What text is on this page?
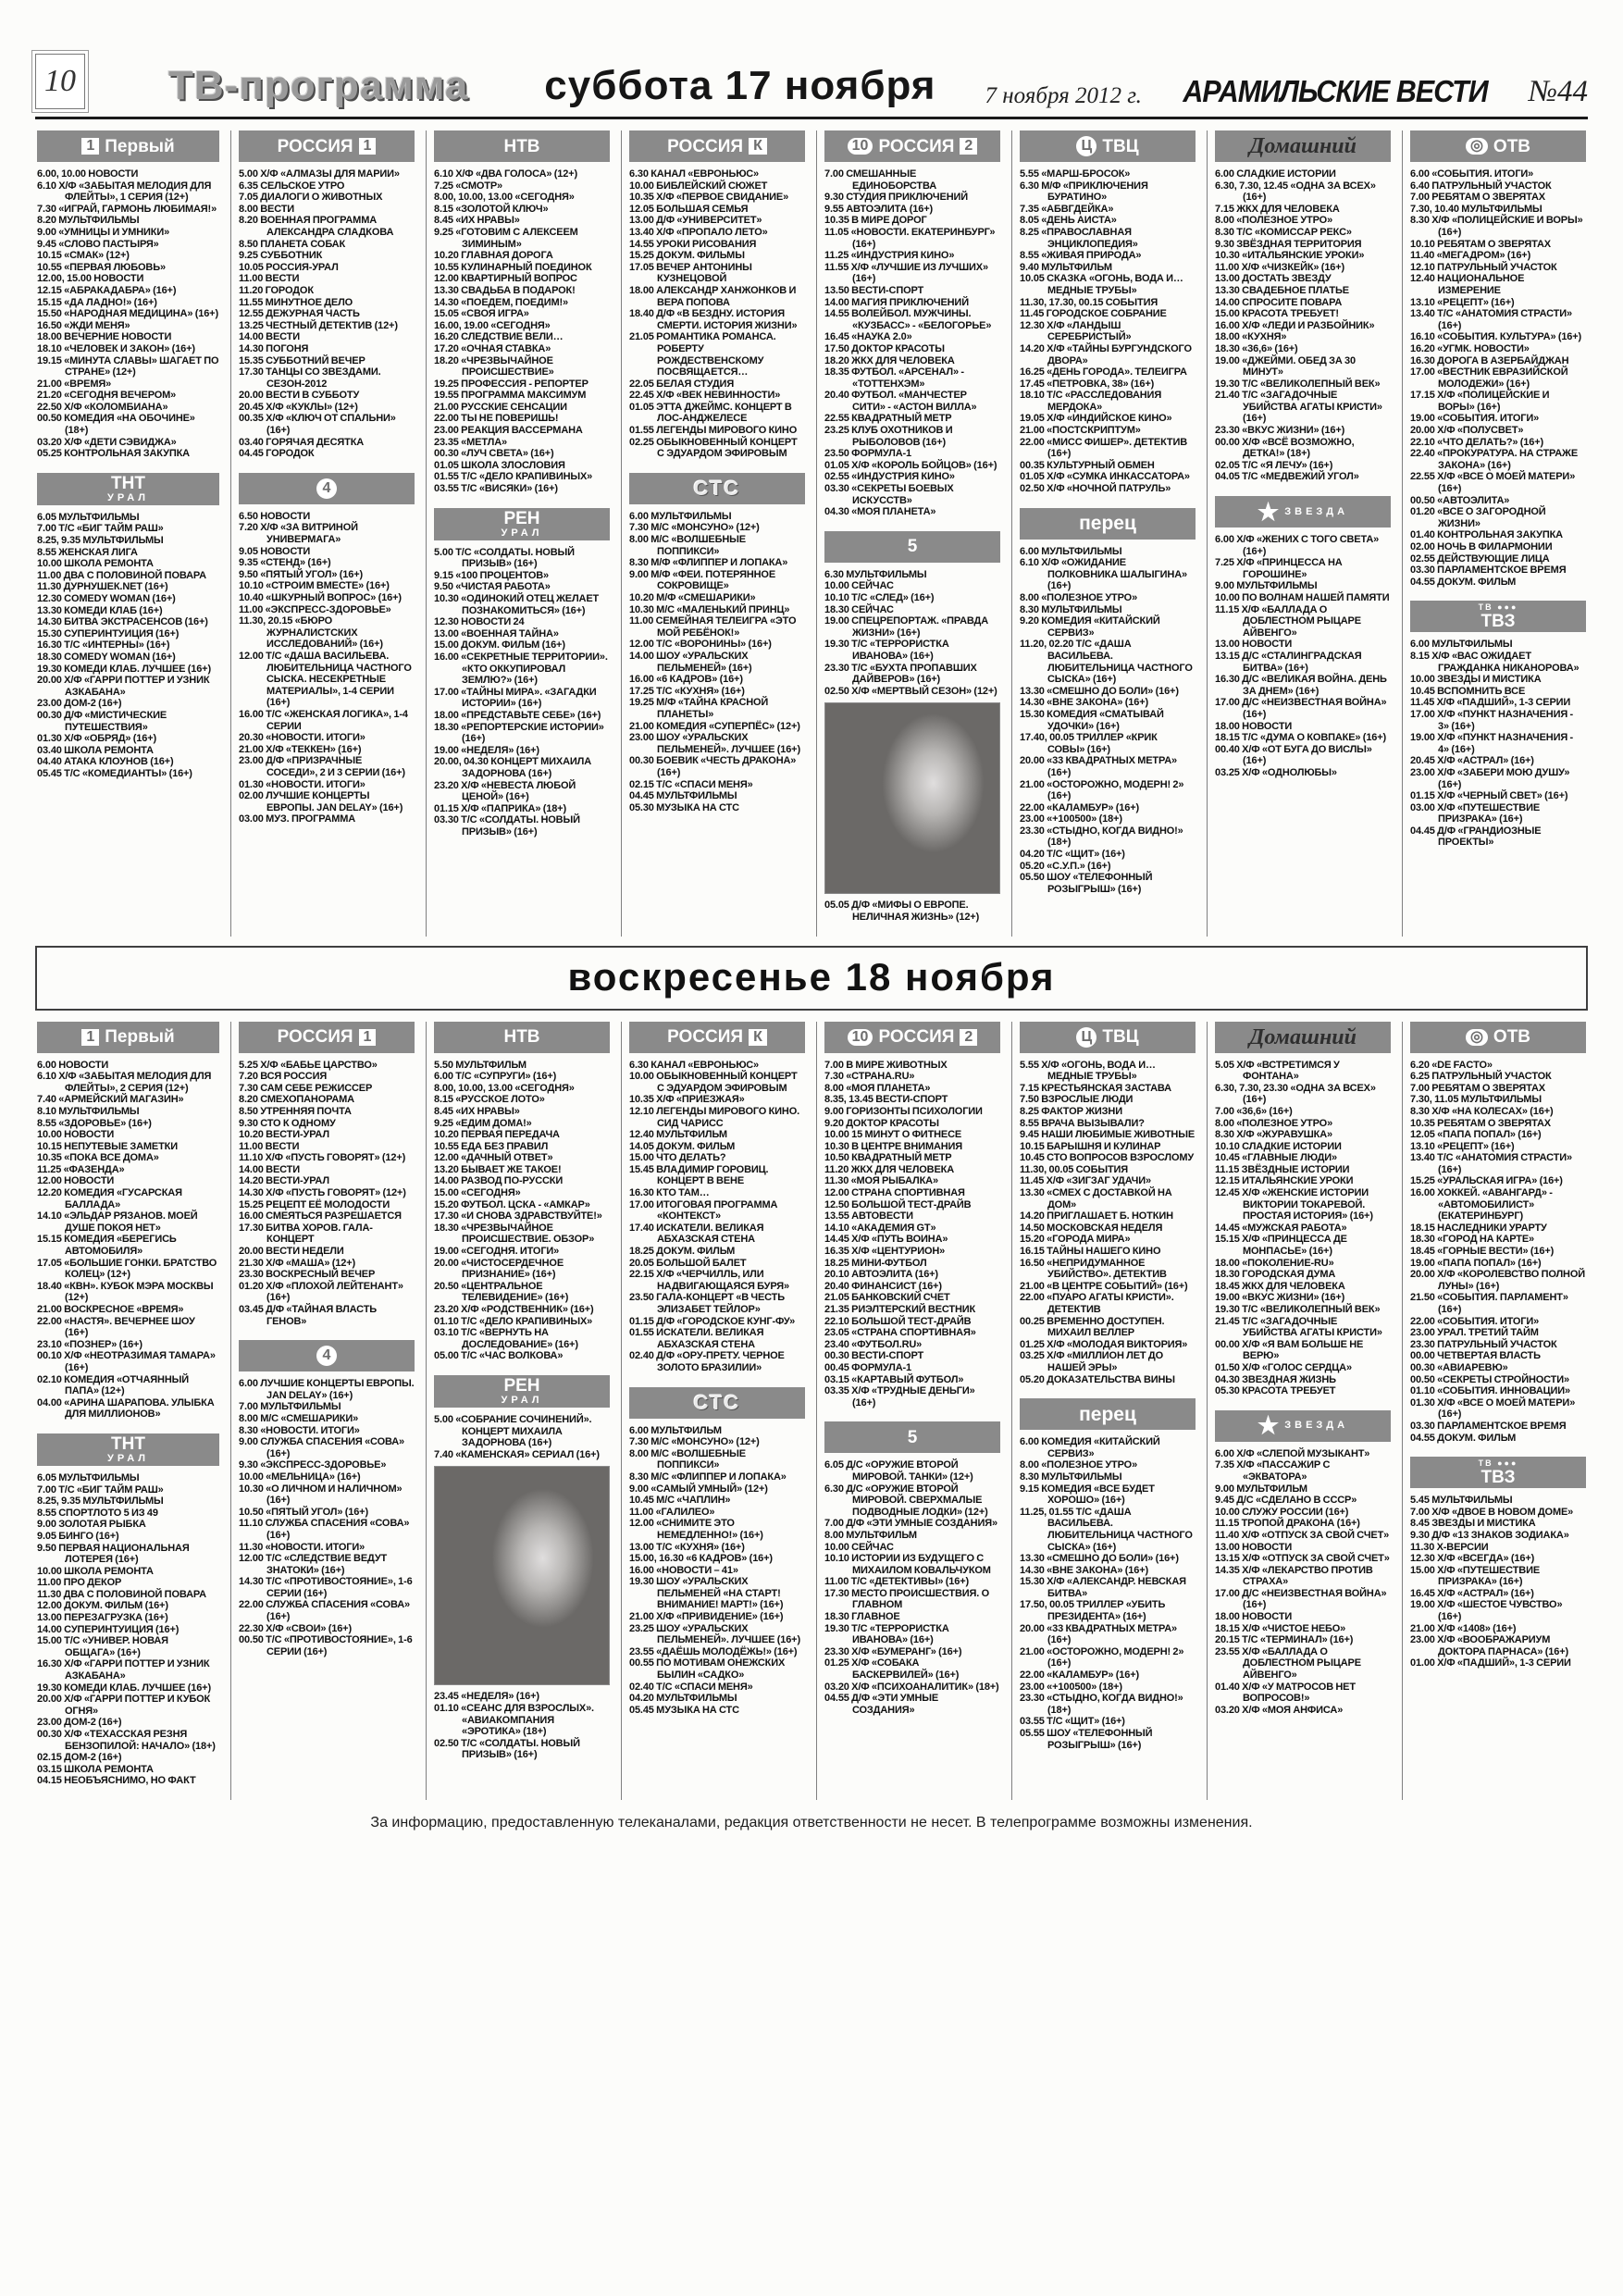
10 ТВ-программа суббота 17 ноября 7 ноября 2012 г. АРАМИЛЬСКИЕ ВЕСТИ №44
1 Первый
6.00, 10.00 НОВОСТИ
6.10 Х/Ф «ЗАБЫТАЯ МЕЛОДИЯ ДЛЯ ФЛЕЙТЫ», 1 СЕРИЯ (12+)
7.30 «ИГРАЙ, ГАРМОНЬ ЛЮБИМАЯ!»
8.20 МУЛЬТФИЛЬМЫ
9.00 «УМНИЦЫ И УМНИКИ»
9.45 «СЛОВО ПАСТЫРЯ»
10.15 «СМАК» (12+)
10.55 «ПЕРВАЯ ЛЮБОВЬ»
12.00, 15.00 НОВОСТИ
12.15 «АБРАКАДАБРА» (16+)
15.15 «ДА ЛАДНО!» (16+)
15.50 «НАРОДНАЯ МЕДИЦИНА» (16+)
16.50 «ЖДИ МЕНЯ»
18.00 ВЕЧЕРНИЕ НОВОСТИ
18.10 «ЧЕЛОВЕК И ЗАКОН» (16+)
19.15 «МИНУТА СЛАВЫ» ШАГАЕТ ПО СТРАНЕ» (12+)
21.00 «ВРЕМЯ»
21.20 «СЕГОДНЯ ВЕЧЕРОМ»
22.50 Х/Ф «КОЛОМБИАНА»
00.50 КОМЕДИЯ «НА ОБОЧИНЕ» (18+)
03.20 Х/Ф «ДЕТИ СЭВИДЖА»
05.25 КОНТРОЛЬНАЯ ЗАКУПКА
ТНТ
УРАЛ
6.05 МУЛЬТФИЛЬМЫ
7.00 Т/С «БИГ ТАЙМ РАШ»
8.25, 9.35 МУЛЬТФИЛЬМЫ
8.55 ЖЕНСКАЯ ЛИГА
10.00 ШКОЛА РЕМОНТА
11.00 ДВА С ПОЛОВИНОЙ ПОВАРА
11.30 ДУРНУШЕК.NET (16+)
12.30 COMEDY WOMAN (16+)
13.30 КОМЕДИ КЛАБ (16+)
14.30 БИТВА ЭКСТРАСЕНСОВ (16+)
15.30 СУПЕРИНТУИЦИЯ (16+)
16.30 Т/С «ИНТЕРНЫ» (16+)
18.30 COMEDY WOMAN (16+)
19.30 КОМЕДИ КЛАБ. ЛУЧШЕЕ (16+)
20.00 Х/Ф «ГАРРИ ПОТТЕР И УЗНИК АЗКАБАНА»
23.00 ДОМ-2 (16+)
00.30 Д/Ф «МИСТИЧЕСКИЕ ПУТЕШЕСТВИЯ»
01.30 Х/Ф «ОБРЯД» (16+)
03.40 ШКОЛА РЕМОНТА
04.40 АТАКА КЛОУНОВ (16+)
05.45 Т/С «КОМЕДИАНТЫ» (16+)
РОССИЯ 1
5.00 Х/Ф «АЛМАЗЫ ДЛЯ МАРИИ»
6.35 СЕЛЬСКОЕ УТРО
7.05 ДИАЛОГИ О ЖИВОТНЫХ
8.00 ВЕСТИ
8.20 ВОЕННАЯ ПРОГРАММА АЛЕКСАНДРА СЛАДКОВА
8.50 ПЛАНЕТА СОБАК
9.25 СУББОТНИК
10.05 РОССИЯ-УРАЛ
11.00 ВЕСТИ
11.20 ГОРОДОК
11.55 МИНУТНОЕ ДЕЛО
12.55 ДЕЖУРНАЯ ЧАСТЬ
13.25 ЧЕСТНЫЙ ДЕТЕКТИВ (12+)
14.00 ВЕСТИ
14.30 ПОГОНЯ
15.35 СУББОТНИЙ ВЕЧЕР
17.30 ТАНЦЫ СО ЗВЕЗДАМИ. СЕЗОН-2012
20.00 ВЕСТИ В СУББОТУ
20.45 Х/Ф «КУКЛЫ» (12+)
00.35 Х/Ф «КЛЮЧ ОТ СПАЛЬНИ» (16+)
03.40 ГОРЯЧАЯ ДЕСЯТКА
04.45 ГОРОДОК
4
6.50 НОВОСТИ
7.20 Х/Ф «ЗА ВИТРИНОЙ УНИВЕРМАГА»
9.05 НОВОСТИ
9.35 «СТЕНД» (16+)
9.50 «ПЯТЫЙ УГОЛ» (16+)
10.10 «СТРОИМ ВМЕСТЕ» (16+)
10.40 «ШКУРНЫЙ ВОПРОС» (16+)
11.00 «ЭКСПРЕСС-ЗДОРОВЬЕ»
11.30, 20.15 «БЮРО ЖУРНАЛИСТСКИХ ИССЛЕДОВАНИЙ» (16+)
12.00 Т/С «ДАША ВАСИЛЬЕВА. ЛЮБИТЕЛЬНИЦА ЧАСТНОГО СЫСКА. НЕСЕКРЕТНЫЕ МАТЕРИАЛЫ», 1-4 СЕРИИ (16+)
16.00 Т/С «ЖЕНСКАЯ ЛОГИКА», 1-4 СЕРИИ
20.30 «НОВОСТИ. ИТОГИ»
21.00 Х/Ф «ТЕККЕН» (16+)
23.00 Д/Ф «ПРИЗРАЧНЫЕ СОСЕДИ», 2 И 3 СЕРИИ (16+)
01.30 «НОВОСТИ. ИТОГИ»
02.00 ЛУЧШИЕ КОНЦЕРТЫ ЕВРОПЫ. JAN DELAY» (16+)
03.00 МУЗ. ПРОГРАММА
НТВ
6.10 Х/Ф «ДВА ГОЛОСА» (12+)
7.25 «СМОТР»
8.00, 10.00, 13.00 «СЕГОДНЯ»
8.15 «ЗОЛОТОЙ КЛЮЧ»
8.45 «ИХ НРАВЫ»
9.25 «ГОТОВИМ С АЛЕКСЕЕМ ЗИМИНЫМ»
10.20 ГЛАВНАЯ ДОРОГА
10.55 КУЛИНАРНЫЙ ПОЕДИНОК
12.00 КВАРТИРНЫЙ ВОПРОС
13.30 СВАДЬБА В ПОДАРОК!
14.30 «ПОЕДЕМ, ПОЕДИМ!»
15.05 «СВОЯ ИГРА»
16.00, 19.00 «СЕГОДНЯ»
16.20 СЛЕДСТВИЕ ВЕЛИ…
17.20 «ОЧНАЯ СТАВКА»
18.20 «ЧРЕЗВЫЧАЙНОЕ ПРОИСШЕСТВИЕ»
19.25 ПРОФЕССИЯ - РЕПОРТЕР
19.55 ПРОГРАММА МАКСИМУМ
21.00 РУССКИЕ СЕНСАЦИИ
22.00 ТЫ НЕ ПОВЕРИШЬ!
23.00 РЕАКЦИЯ ВАССЕРМАНА
23.35 «МЕТЛА»
00.30 «ЛУЧ СВЕТА» (16+)
01.05 ШКОЛА ЗЛОСЛОВИЯ
01.55 Т/С «ДЕЛО КРАПИВИНЫХ»
03.55 Т/С «ВИСЯКИ» (16+)
РЕН
УРАЛ
5.00 Т/С «СОЛДАТЫ. НОВЫЙ ПРИЗЫВ» (16+)
9.15 «100 ПРОЦЕНТОВ»
9.50 «ЧИСТАЯ РАБОТА»
10.30 «ОДИНОКИЙ ОТЕЦ ЖЕЛАЕТ ПОЗНАКОМИТЬСЯ» (16+)
12.30 НОВОСТИ 24
13.00 «ВОЕННАЯ ТАЙНА»
15.00 ДОКУМ. ФИЛЬМ (16+)
16.00 «СЕКРЕТНЫЕ ТЕРРИТОРИИ». «КТО ОККУПИРОВАЛ ЗЕМЛЮ?» (16+)
17.00 «ТАЙНЫ МИРА». «ЗАГАДКИ ИСТОРИИ» (16+)
18.00 «ПРЕДСТАВЬТЕ СЕБЕ» (16+)
18.30 «РЕПОРТЕРСКИЕ ИСТОРИИ» (16+)
19.00 «НЕДЕЛЯ» (16+)
20.00, 04.30 КОНЦЕРТ МИХАИЛА ЗАДОРНОВА (16+)
23.20 Х/Ф «НЕВЕСТА ЛЮБОЙ ЦЕНОЙ» (16+)
01.15 Х/Ф «ПАПРИКА» (18+)
03.30 Т/С «СОЛДАТЫ. НОВЫЙ ПРИЗЫВ» (16+)
РОССИЯ К
6.30 КАНАЛ «ЕВРОНЬЮС»
10.00 БИБЛЕЙСКИЙ СЮЖЕТ
10.35 Х/Ф «ПЕРВОЕ СВИДАНИЕ»
12.05 БОЛЬШАЯ СЕМЬЯ
13.00 Д/Ф «УНИВЕРСИТЕТ»
13.40 Х/Ф «ПРОПАЛО ЛЕТО»
14.55 УРОКИ РИСОВАНИЯ
15.25 ДОКУМ. ФИЛЬМЫ
17.05 ВЕЧЕР АНТОНИНЫ КУЗНЕЦОВОЙ
18.00 АЛЕКСАНДР ХАНЖОНКОВ И ВЕРА ПОПОВА
18.40 Д/Ф «В БЕЗДНУ. ИСТОРИЯ СМЕРТИ. ИСТОРИЯ ЖИЗНИ»
21.05 РОМАНТИКА РОМАНСА. РОБЕРТУ РОЖДЕСТВЕНСКОМУ ПОСВЯЩАЕТСЯ…
22.05 БЕЛАЯ СТУДИЯ
22.45 Х/Ф «ВЕК НЕВИННОСТИ»
01.05 ЭТТА ДЖЕЙМС. КОНЦЕРТ В ЛОС-АНДЖЕЛЕСЕ
01.55 ЛЕГЕНДЫ МИРОВОГО КИНО
02.25 ОБЫКНОВЕННЫЙ КОНЦЕРТ С ЭДУАРДОМ ЭФИРОВЫМ
СТС
6.00 МУЛЬТФИЛЬМЫ
7.30 М/С «МОНСУНО» (12+)
8.00 М/С «ВОЛШЕБНЫЕ ПОППИКСИ»
8.30 М/Ф «ФЛИППЕР И ЛОПАКА»
9.00 М/Ф «ФЕИ. ПОТЕРЯННОЕ СОКРОВИЩЕ»
10.20 М/Ф «СМЕШАРИКИ»
10.30 М/С «МАЛЕНЬКИЙ ПРИНЦ»
11.00 СЕМЕЙНАЯ ТЕЛЕИГРА «ЭТО МОЙ РЕБЁНОК!»
12.00 Т/С «ВОРОНИНЫ» (16+)
14.00 ШОУ «УРАЛЬСКИХ ПЕЛЬМЕНЕЙ» (16+)
16.00 «6 КАДРОВ» (16+)
17.25 Т/С «КУХНЯ» (16+)
19.25 М/Ф «ТАЙНА КРАСНОЙ ПЛАНЕТЫ»
21.00 КОМЕДИЯ «СУПЕРПЁС» (12+)
23.00 ШОУ «УРАЛЬСКИХ ПЕЛЬМЕНЕЙ». ЛУЧШЕЕ (16+)
00.30 БОЕВИК «ЧЕСТЬ ДРАКОНА» (16+)
02.15 Т/С «СПАСИ МЕНЯ»
04.45 МУЛЬТФИЛЬМЫ
05.30 МУЗЫКА НА СТС
10 РОССИЯ 2
7.00 СМЕШАННЫЕ ЕДИНОБОРСТВА
9.30 СТУДИЯ ПРИКЛЮЧЕНИЙ
9.55 АВТОЭЛИТА (16+)
10.35 В МИРЕ ДОРОГ
11.05 «НОВОСТИ. ЕКАТЕРИНБУРГ» (16+)
11.25 «ИНДУСТРИЯ КИНО»
11.55 Х/Ф «ЛУЧШИЕ ИЗ ЛУЧШИХ» (16+)
13.50 ВЕСТИ-СПОРТ
14.00 МАГИЯ ПРИКЛЮЧЕНИЙ
14.55 ВОЛЕЙБОЛ. МУЖЧИНЫ. «КУЗБАСС» - «БЕЛОГОРЬЕ»
16.45 «НАУКА 2.0»
17.50 ДОКТОР КРАСОТЫ
18.20 ЖКХ ДЛЯ ЧЕЛОВЕКА
18.35 ФУТБОЛ. «АРСЕНАЛ» - «ТОТТЕНХЭМ»
20.40 ФУТБОЛ. «МАНЧЕСТЕР СИТИ» - «АСТОН ВИЛЛА»
22.55 КВАДРАТНЫЙ МЕТР
23.25 КЛУБ ОХОТНИКОВ И РЫБОЛОВОВ (16+)
23.50 ФОРМУЛА-1
01.05 Х/Ф «КОРОЛЬ БОЙЦОВ» (16+)
02.55 «ИНДУСТРИЯ КИНО»
03.30 «СЕКРЕТЫ БОЕВЫХ ИСКУССТВ»
04.30 «МОЯ ПЛАНЕТА»
5
6.30 МУЛЬТФИЛЬМЫ
10.00 СЕЙЧАС
10.10 Т/С «СЛЕД» (16+)
18.30 СЕЙЧАС
19.00 СПЕЦРЕПОРТАЖ. «ПРАВДА ЖИЗНИ» (16+)
19.30 Т/С «ТЕРРОРИСТКА ИВАНОВА» (16+)
23.30 Т/С «БУХТА ПРОПАВШИХ ДАЙВЕРОВ» (16+)
02.50 Х/Ф «МЕРТВЫЙ СЕЗОН» (12+)
05.05 Д/Ф «МИФЫ О ЕВРОПЕ. НЕЛИЧНАЯ ЖИЗНЬ» (12+)
Ц ТВЦ
5.55 «МАРШ-БРОСОК»
6.30 М/Ф «ПРИКЛЮЧЕНИЯ БУРАТИНО»
7.35 «АБВГДЕЙКА»
8.05 «ДЕНЬ АИСТА»
8.25 «ПРАВОСЛАВНАЯ ЭНЦИКЛОПЕДИЯ»
8.55 «ЖИВАЯ ПРИРОДА»
9.40 МУЛЬТФИЛЬМ
10.05 СКАЗКА «ОГОНЬ, ВОДА И… МЕДНЫЕ ТРУБЫ»
11.30, 17.30, 00.15 СОБЫТИЯ
11.45 ГОРОДСКОЕ СОБРАНИЕ
12.30 Х/Ф «ЛАНДЫШ СЕРЕБРИСТЫЙ»
14.20 Х/Ф «ТАЙНЫ БУРГУНДСКОГО ДВОРА»
16.25 «ДЕНЬ ГОРОДА». ТЕЛЕИГРА
17.45 «ПЕТРОВКА, 38» (16+)
18.10 Т/С «РАССЛЕДОВАНИЯ МЕРДОКА»
19.05 Х/Ф «ИНДИЙСКОЕ КИНО»
21.00 «ПОСТСКРИПТУМ»
22.00 «МИСС ФИШЕР». ДЕТЕКТИВ (16+)
00.35 КУЛЬТУРНЫЙ ОБМЕН
01.05 Х/Ф «СУМКА ИНКАССАТОРА»
02.50 Х/Ф «НОЧНОЙ ПАТРУЛЬ»
перец
6.00 МУЛЬТФИЛЬМЫ
6.10 Х/Ф «ОЖИДАНИЕ ПОЛКОВНИКА ШАЛЫГИНА» (16+)
8.00 «ПОЛЕЗНОЕ УТРО»
8.30 МУЛЬТФИЛЬМЫ
9.20 КОМЕДИЯ «КИТАЙСКИЙ СЕРВИЗ»
11.20, 02.20 Т/С «ДАША ВАСИЛЬЕВА. ЛЮБИТЕЛЬНИЦА ЧАСТНОГО СЫСКА» (16+)
13.30 «СМЕШНО ДО БОЛИ» (16+)
14.30 «ВНЕ ЗАКОНА» (16+)
15.30 КОМЕДИЯ «СМАТЫВАЙ УДОЧКИ» (16+)
17.40, 00.05 ТРИЛЛЕР «КРИК СОВЫ» (16+)
20.00 «33 КВАДРАТНЫХ МЕТРА» (16+)
21.00 «ОСТОРОЖНО, МОДЕРН! 2» (16+)
22.00 «КАЛАМБУР» (16+)
23.00 «+100500» (18+)
23.30 «СТЫДНО, КОГДА ВИДНО!» (18+)
04.20 Т/С «ЩИТ» (16+)
05.20 «С.У.П.» (16+)
05.50 ШОУ «ТЕЛЕФОННЫЙ РОЗЫГРЫШ» (16+)
Домашний
6.00 СЛАДКИЕ ИСТОРИИ
6.30, 7.30, 12.45 «ОДНА ЗА ВСЕХ» (16+)
7.15 ЖКХ ДЛЯ ЧЕЛОВЕКА
8.00 «ПОЛЕЗНОЕ УТРО»
8.30 Т/С «КОМИССАР РЕКС»
9.30 ЗВЁЗДНАЯ ТЕРРИТОРИЯ
10.30 «ИТАЛЬЯНСКИЕ УРОКИ»
11.00 Х/Ф «ЧИЗКЕЙК» (16+)
13.00 ДОСТАТЬ ЗВЕЗДУ
13.30 СВАДЕБНОЕ ПЛАТЬЕ
14.00 СПРОСИТЕ ПОВАРА
15.00 КРАСОТА ТРЕБУЕТ!
16.00 Х/Ф «ЛЕДИ И РАЗБОЙНИК»
18.00 «КУХНЯ»
18.30 «36,6» (16+)
19.00 «ДЖЕЙМИ. ОБЕД ЗА 30 МИНУТ»
19.30 Т/С «ВЕЛИКОЛЕПНЫЙ ВЕК»
21.40 Т/С «ЗАГАДОЧНЫЕ УБИЙСТВА АГАТЫ КРИСТИ» (16+)
23.30 «ВКУС ЖИЗНИ» (16+)
00.00 Х/Ф «ВСЁ ВОЗМОЖНО, ДЕТКА!» (18+)
02.05 Т/С «Я ЛЕЧУ» (16+)
04.05 Т/С «МЕДВЕЖИЙ УГОЛ»
★ ЗВЕЗДА
6.00 Х/Ф «ЖЕНИХ С ТОГО СВЕТА» (16+)
7.25 Х/Ф «ПРИНЦЕССА НА ГОРОШИНЕ»
9.00 МУЛЬТФИЛЬМЫ
10.00 ПО ВОЛНАМ НАШЕЙ ПАМЯТИ
11.15 Х/Ф «БАЛЛАДА О ДОБЛЕСТНОМ РЫЦАРЕ АЙВЕНГО»
13.00 НОВОСТИ
13.15 Д/С «СТАЛИНГРАДСКАЯ БИТВА» (16+)
16.30 Д/С «ВЕЛИКАЯ ВОЙНА. ДЕНЬ ЗА ДНЕМ» (16+)
17.00 Д/С «НЕИЗВЕСТНАЯ ВОЙНА» (16+)
18.00 НОВОСТИ
18.15 Т/С «ДУМА О КОВПАКЕ» (16+)
00.40 Х/Ф «ОТ БУГА ДО ВИСЛЫ» (16+)
03.25 Х/Ф «ОДНОЛЮБЫ»
◎ ОТВ
6.00 «СОБЫТИЯ. ИТОГИ»
6.40 ПАТРУЛЬНЫЙ УЧАСТОК
7.00 РЕБЯТАМ О ЗВЕРЯТАХ
7.30, 10.40 МУЛЬТФИЛЬМЫ
8.30 Х/Ф «ПОЛИЦЕЙСКИЕ И ВОРЫ» (16+)
10.10 РЕБЯТАМ О ЗВЕРЯТАХ
11.40 «МЕГАДРОМ» (16+)
12.10 ПАТРУЛЬНЫЙ УЧАСТОК
12.40 НАЦИОНАЛЬНОЕ ИЗМЕРЕНИЕ
13.10 «РЕЦЕПТ» (16+)
13.40 Т/С «АНАТОМИЯ СТРАСТИ» (16+)
16.10 «СОБЫТИЯ. КУЛЬТУРА» (16+)
16.20 «УГМК. НОВОСТИ»
16.30 ДОРОГА В АЗЕРБАЙДЖАН
17.00 «ВЕСТНИК ЕВРАЗИЙСКОЙ МОЛОДЕЖИ» (16+)
17.15 Х/Ф «ПОЛИЦЕЙСКИЕ И ВОРЫ» (16+)
19.00 «СОБЫТИЯ. ИТОГИ»
20.00 Х/Ф «ПОЛУСВЕТ»
22.10 «ЧТО ДЕЛАТЬ?» (16+)
22.40 «ПРОКУРАТУРА. НА СТРАЖЕ ЗАКОНА» (16+)
22.55 Х/Ф «ВСЕ О МОЕЙ МАТЕРИ» (16+)
00.50 «АВТОЭЛИТА»
01.20 «ВСЕ О ЗАГОРОДНОЙ ЖИЗНИ»
01.40 КОНТРОЛЬНАЯ ЗАКУПКА
02.00 НОЧЬ В ФИЛАРМОНИИ
02.55 ДЕЙСТВУЮЩИЕ ЛИЦА
03.30 ПАРЛАМЕНТСКОЕ ВРЕМЯ
04.55 ДОКУМ. ФИЛЬМ
ТВ ●●●
ТВЗ
6.00 МУЛЬТФИЛЬМЫ
8.15 Х/Ф «ВАС ОЖИДАЕТ ГРАЖДАНКА НИКАНОРОВА»
10.00 ЗВЕЗДЫ И МИСТИКА
10.45 ВСПОМНИТЬ ВСЕ
11.45 Х/Ф «ПАДШИЙ», 1-3 СЕРИИ
17.00 Х/Ф «ПУНКТ НАЗНАЧЕНИЯ - 3» (16+)
19.00 Х/Ф «ПУНКТ НАЗНАЧЕНИЯ - 4» (16+)
20.45 Х/Ф «АСТРАЛ» (16+)
23.00 Х/Ф «ЗАБЕРИ МОЮ ДУШУ» (16+)
01.15 Х/Ф «ЧЕРНЫЙ СВЕТ» (16+)
03.00 Х/Ф «ПУТЕШЕСТВИЕ ПРИЗРАКА» (16+)
04.45 Д/Ф «ГРАНДИОЗНЫЕ ПРОЕКТЫ»
воскресенье 18 ноября
1 Первый
6.00 НОВОСТИ
6.10 Х/Ф «ЗАБЫТАЯ МЕЛОДИЯ ДЛЯ ФЛЕЙТЫ», 2 СЕРИЯ (12+)
7.40 «АРМЕЙСКИЙ МАГАЗИН»
8.10 МУЛЬТФИЛЬМЫ
8.55 «ЗДОРОВЬЕ» (16+)
10.00 НОВОСТИ
10.15 НЕПУТЕВЫЕ ЗАМЕТКИ
10.35 «ПОКА ВСЕ ДОМА»
11.25 «ФАЗЕНДА»
12.00 НОВОСТИ
12.20 КОМЕДИЯ «ГУСАРСКАЯ БАЛЛАДА»
14.10 «ЭЛЬДАР РЯЗАНОВ. МОЕЙ ДУШЕ ПОКОЯ НЕТ»
15.15 КОМЕДИЯ «БЕРЕГИСЬ АВТОМОБИЛЯ»
17.05 «БОЛЬШИЕ ГОНКИ. БРАТСТВО КОЛЕЦ» (12+)
18.40 «КВН». КУБОК МЭРА МОСКВЫ (12+)
21.00 ВОСКРЕСНОЕ «ВРЕМЯ»
22.00 «НАСТЯ». ВЕЧЕРНЕЕ ШОУ (16+)
23.10 «ПОЗНЕР» (16+)
00.10 Х/Ф «НЕОТРАЗИМАЯ ТАМАРА» (16+)
02.10 КОМЕДИЯ «ОТЧАЯННЫЙ ПАПА» (12+)
04.00 «АРИНА ШАРАПОВА. УЛЫБКА ДЛЯ МИЛЛИОНОВ»
ТНТ
УРАЛ
6.05 МУЛЬТФИЛЬМЫ
7.00 Т/С «БИГ ТАЙМ РАШ»
8.25, 9.35 МУЛЬТФИЛЬМЫ
8.55 СПОРТЛОТО 5 ИЗ 49
9.00 ЗОЛОТАЯ РЫБКА
9.05 БИНГО (16+)
9.50 ПЕРВАЯ НАЦИОНАЛЬНАЯ ЛОТЕРЕЯ (16+)
10.00 ШКОЛА РЕМОНТА
11.00 ПРО ДЕКОР
11.30 ДВА С ПОЛОВИНОЙ ПОВАРА
12.00 ДОКУМ. ФИЛЬМ (16+)
13.00 ПЕРЕЗАГРУЗКА (16+)
14.00 СУПЕРИНТУИЦИЯ (16+)
15.00 Т/С «УНИВЕР. НОВАЯ ОБЩАГА» (16+)
16.30 Х/Ф «ГАРРИ ПОТТЕР И УЗНИК АЗКАБАНА»
19.30 КОМЕДИ КЛАБ. ЛУЧШЕЕ (16+)
20.00 Х/Ф «ГАРРИ ПОТТЕР И КУБОК ОГНЯ»
23.00 ДОМ-2 (16+)
00.30 Х/Ф «ТЕХАССКАЯ РЕЗНЯ БЕНЗОПИЛОЙ: НАЧАЛО» (18+)
02.15 ДОМ-2 (16+)
03.15 ШКОЛА РЕМОНТА
04.15 НЕОБЪЯСНИМО, НО ФАКТ
РОССИЯ 1
5.25 Х/Ф «БАБЬЕ ЦАРСТВО»
7.20 ВСЯ РОССИЯ
7.30 САМ СЕБЕ РЕЖИССЕР
8.20 СМЕХОПАНОРАМА
8.50 УТРЕННЯЯ ПОЧТА
9.30 СТО К ОДНОМУ
10.20 ВЕСТИ-УРАЛ
11.00 ВЕСТИ
11.10 Х/Ф «ПУСТЬ ГОВОРЯТ» (12+)
14.00 ВЕСТИ
14.20 ВЕСТИ-УРАЛ
14.30 Х/Ф «ПУСТЬ ГОВОРЯТ» (12+)
15.25 РЕЦЕПТ ЕЁ МОЛОДОСТИ
16.00 СМЕЯТЬСЯ РАЗРЕШАЕТСЯ
17.30 БИТВА ХОРОВ. ГАЛА-КОНЦЕРТ
20.00 ВЕСТИ НЕДЕЛИ
21.30 Х/Ф «МАША» (12+)
23.30 ВОСКРЕСНЫЙ ВЕЧЕР
01.20 Х/Ф «ПЛОХОЙ ЛЕЙТЕНАНТ» (16+)
03.45 Д/Ф «ТАЙНАЯ ВЛАСТЬ ГЕНОВ»
4
6.00 ЛУЧШИЕ КОНЦЕРТЫ ЕВРОПЫ. JAN DELAY» (16+)
7.00 МУЛЬТФИЛЬМЫ
8.00 М/С «СМЕШАРИКИ»
8.30 «НОВОСТИ. ИТОГИ»
9.00 СЛУЖБА СПАСЕНИЯ «СОВА» (16+)
9.30 «ЭКСПРЕСС-ЗДОРОВЬЕ»
10.00 «МЕЛЬНИЦА» (16+)
10.30 «О ЛИЧНОМ И НАЛИЧНОМ» (16+)
10.50 «ПЯТЫЙ УГОЛ» (16+)
11.10 СЛУЖБА СПАСЕНИЯ «СОВА» (16+)
11.30 «НОВОСТИ. ИТОГИ»
12.00 Т/С «СЛЕДСТВИЕ ВЕДУТ ЗНАТОКИ» (16+)
14.30 Т/С «ПРОТИВОСТОЯНИЕ», 1-6 СЕРИИ (16+)
22.00 СЛУЖБА СПАСЕНИЯ «СОВА» (16+)
22.30 Х/Ф «СВОИ» (16+)
00.50 Т/С «ПРОТИВОСТОЯНИЕ», 1-6 СЕРИИ (16+)
НТВ
5.50 МУЛЬТФИЛЬМ
6.00 Т/С «СУПРУГИ» (16+)
8.00, 10.00, 13.00 «СЕГОДНЯ»
8.15 «РУССКОЕ ЛОТО»
8.45 «ИХ НРАВЫ»
9.25 «ЕДИМ ДОМА!»
10.20 ПЕРВАЯ ПЕРЕДАЧА
10.55 ЕДА БЕЗ ПРАВИЛ
12.00 «ДАЧНЫЙ ОТВЕТ»
13.20 БЫВАЕТ ЖЕ ТАКОЕ!
14.00 РАЗВОД ПО-РУССКИ
15.00 «СЕГОДНЯ»
15.20 ФУТБОЛ. ЦСКА - «АМКАР»
17.30 «И СНОВА ЗДРАВСТВУЙТЕ!»
18.30 «ЧРЕЗВЫЧАЙНОЕ ПРОИСШЕСТВИЕ. ОБЗОР»
19.00 «СЕГОДНЯ. ИТОГИ»
20.00 «ЧИСТОСЕРДЕЧНОЕ ПРИЗНАНИЕ» (16+)
20.50 «ЦЕНТРАЛЬНОЕ ТЕЛЕВИДЕНИЕ» (16+)
23.20 Х/Ф «РОДСТВЕННИК» (16+)
01.10 Т/С «ДЕЛО КРАПИВИНЫХ»
03.10 Т/С «ВЕРНУТЬ НА ДОСЛЕДОВАНИЕ» (16+)
05.00 Т/С «ЧАС ВОЛКОВА»
РЕН
УРАЛ
5.00 «СОБРАНИЕ СОЧИНЕНИЙ». КОНЦЕРТ МИХАИЛА ЗАДОРНОВА (16+)
7.40 «КАМЕНСКАЯ» СЕРИАЛ (16+)
23.45 «НЕДЕЛЯ» (16+)
01.10 «СЕАНС ДЛЯ ВЗРОСЛЫХ». «АВИАКОМПАНИЯ «ЭРОТИКА» (18+)
02.50 Т/С «СОЛДАТЫ. НОВЫЙ ПРИЗЫВ» (16+)
РОССИЯ К
6.30 КАНАЛ «ЕВРОНЬЮС»
10.00 ОБЫКНОВЕННЫЙ КОНЦЕРТ С ЭДУАРДОМ ЭФИРОВЫМ
10.35 Х/Ф «ПРИЕЗЖАЯ»
12.10 ЛЕГЕНДЫ МИРОВОГО КИНО. СИД ЧАРИСС
12.40 МУЛЬТФИЛЬМ
14.05 ДОКУМ. ФИЛЬМ
15.00 ЧТО ДЕЛАТЬ?
15.45 ВЛАДИМИР ГОРОВИЦ. КОНЦЕРТ В ВЕНЕ
16.30 КТО ТАМ…
17.00 ИТОГОВАЯ ПРОГРАММА «КОНТЕКСТ»
17.40 ИСКАТЕЛИ. ВЕЛИКАЯ АБХАЗСКАЯ СТЕНА
18.25 ДОКУМ. ФИЛЬМ
20.05 БОЛЬШОЙ БАЛЕТ
22.15 Х/Ф «ЧЕРЧИЛЛЬ, ИЛИ НАДВИГАЮЩАЯСЯ БУРЯ»
23.50 ГАЛА-КОНЦЕРТ «В ЧЕСТЬ ЭЛИЗАБЕТ ТЕЙЛОР»
01.15 Д/Ф «ГОРОДСКОЕ КУНГ-ФУ»
01.55 ИСКАТЕЛИ. ВЕЛИКАЯ АБХАЗСКАЯ СТЕНА
02.40 Д/Ф «ОРУ-ПРЕТУ. ЧЕРНОЕ ЗОЛОТО БРАЗИЛИИ»
СТС
6.00 МУЛЬТФИЛЬМ
7.30 М/С «МОНСУНО» (12+)
8.00 М/С «ВОЛШЕБНЫЕ ПОППИКСИ»
8.30 М/С «ФЛИППЕР И ЛОПАКА»
9.00 «САМЫЙ УМНЫЙ» (12+)
10.45 М/С «ЧАПЛИН»
11.00 «ГАЛИЛЕО»
12.00 «СНИМИТЕ ЭТО НЕМЕДЛЕННО!» (16+)
13.00 Т/С «КУХНЯ» (16+)
15.00, 16.30 «6 КАДРОВ» (16+)
16.00 «НОВОСТИ – 41»
19.30 ШОУ «УРАЛЬСКИХ ПЕЛЬМЕНЕЙ «НА СТАРТ! ВНИМАНИЕ! МАРТ!» (16+)
21.00 Х/Ф «ПРИВИДЕНИЕ» (16+)
23.25 ШОУ «УРАЛЬСКИХ ПЕЛЬМЕНЕЙ». ЛУЧШЕЕ (16+)
23.55 «ДАЁШЬ МОЛОДЁЖЬ!» (16+)
00.55 ПО МОТИВАМ ОНЕЖСКИХ БЫЛИН «САДКО»
02.40 Т/С «СПАСИ МЕНЯ»
04.20 МУЛЬТФИЛЬМЫ
05.45 МУЗЫКА НА СТС
10 РОССИЯ 2
7.00 В МИРЕ ЖИВОТНЫХ
7.30 «СТРАНА.RU»
8.00 «МОЯ ПЛАНЕТА»
8.35, 13.45 ВЕСТИ-СПОРТ
9.00 ГОРИЗОНТЫ ПСИХОЛОГИИ
9.20 ДОКТОР КРАСОТЫ
10.00 15 МИНУТ О ФИТНЕСЕ
10.30 В ЦЕНТРЕ ВНИМАНИЯ
10.50 КВАДРАТНЫЙ МЕТР
11.20 ЖКХ ДЛЯ ЧЕЛОВЕКА
11.30 «МОЯ РЫБАЛКА»
12.00 СТРАНА СПОРТИВНАЯ
12.50 БОЛЬШОЙ ТЕСТ-ДРАЙВ
13.55 АВТОВЕСТИ
14.10 «АКАДЕМИЯ GT»
14.45 Х/Ф «ПУТЬ ВОИНА»
16.35 Х/Ф «ЦЕНТУРИОН»
18.25 МИНИ-ФУТБОЛ
20.10 АВТОЭЛИТА (16+)
20.40 ФИНАНСИСТ (16+)
21.05 БАНКОВСКИЙ СЧЕТ
21.35 РИЭЛТЕРСКИЙ ВЕСТНИК
22.10 БОЛЬШОЙ ТЕСТ-ДРАЙВ
23.05 «СТРАНА СПОРТИВНАЯ»
23.40 «ФУТБОЛ.RU»
00.30 ВЕСТИ-СПОРТ
00.45 ФОРМУЛА-1
03.15 «КАРТАВЫЙ ФУТБОЛ»
03.35 Х/Ф «ТРУДНЫЕ ДЕНЬГИ» (16+)
5
6.05 Д/С «ОРУЖИЕ ВТОРОЙ МИРОВОЙ. ТАНКИ» (12+)
6.30 Д/С «ОРУЖИЕ ВТОРОЙ МИРОВОЙ. СВЕРХМАЛЫЕ ПОДВОДНЫЕ ЛОДКИ» (12+)
7.00 Д/Ф «ЭТИ УМНЫЕ СОЗДАНИЯ»
8.00 МУЛЬТФИЛЬМ
10.00 СЕЙЧАС
10.10 ИСТОРИИ ИЗ БУДУЩЕГО С МИХАИЛОМ КОВАЛЬЧУКОМ
11.00 Т/С «ДЕТЕКТИВЫ» (16+)
17.30 МЕСТО ПРОИСШЕСТВИЯ. О ГЛАВНОМ
18.30 ГЛАВНОЕ
19.30 Т/С «ТЕРРОРИСТКА ИВАНОВА» (16+)
23.30 Х/Ф «БУМЕРАНГ» (16+)
01.25 Х/Ф «СОБАКА БАСКЕРВИЛЕЙ» (16+)
03.20 Х/Ф «ПСИХОАНАЛИТИК» (18+)
04.55 Д/Ф «ЭТИ УМНЫЕ СОЗДАНИЯ»
Ц ТВЦ
5.55 Х/Ф «ОГОНЬ, ВОДА И… МЕДНЫЕ ТРУБЫ»
7.15 КРЕСТЬЯНСКАЯ ЗАСТАВА
7.50 ВЗРОСЛЫЕ ЛЮДИ
8.25 ФАКТОР ЖИЗНИ
8.55 ВРАЧА ВЫЗЫВАЛИ?
9.45 НАШИ ЛЮБИМЫЕ ЖИВОТНЫЕ
10.15 БАРЫШНЯ И КУЛИНАР
10.45 СТО ВОПРОСОВ ВЗРОСЛОМУ
11.30, 00.05 СОБЫТИЯ
11.45 Х/Ф «ЗИГЗАГ УДАЧИ»
13.30 «СМЕХ С ДОСТАВКОЙ НА ДОМ»
14.20 ПРИГЛАШАЕТ Б. НОТКИН
14.50 МОСКОВСКАЯ НЕДЕЛЯ
15.20 «ГОРОДА МИРА»
16.15 ТАЙНЫ НАШЕГО КИНО
16.50 «НЕПРИДУМАННОЕ УБИЙСТВО». ДЕТЕКТИВ
21.00 «В ЦЕНТРЕ СОБЫТИЙ» (16+)
22.00 «ПУАРО АГАТЫ КРИСТИ». ДЕТЕКТИВ
00.25 ВРЕМЕННО ДОСТУПЕН. МИХАИЛ ВЕЛЛЕР
01.25 Х/Ф «МОЛОДАЯ ВИКТОРИЯ»
03.25 Х/Ф «МИЛЛИОН ЛЕТ ДО НАШЕЙ ЭРЫ»
05.20 ДОКАЗАТЕЛЬСТВА ВИНЫ
перец
6.00 КОМЕДИЯ «КИТАЙСКИЙ СЕРВИЗ»
8.00 «ПОЛЕЗНОЕ УТРО»
8.30 МУЛЬТФИЛЬМЫ
9.15 КОМЕДИЯ «ВСЕ БУДЕТ ХОРОШО» (16+)
11.25, 01.55 Т/С «ДАША ВАСИЛЬЕВА. ЛЮБИТЕЛЬНИЦА ЧАСТНОГО СЫСКА» (16+)
13.30 «СМЕШНО ДО БОЛИ» (16+)
14.30 «ВНЕ ЗАКОНА» (16+)
15.30 Х/Ф «АЛЕКСАНДР. НЕВСКАЯ БИТВА»
17.50, 00.05 ТРИЛЛЕР «УБИТЬ ПРЕЗИДЕНТА» (16+)
20.00 «33 КВАДРАТНЫХ МЕТРА» (16+)
21.00 «ОСТОРОЖНО, МОДЕРН! 2» (16+)
22.00 «КАЛАМБУР» (16+)
23.00 «+100500» (18+)
23.30 «СТЫДНО, КОГДА ВИДНО!» (18+)
03.55 Т/С «ЩИТ» (16+)
05.55 ШОУ «ТЕЛЕФОННЫЙ РОЗЫГРЫШ» (16+)
Домашний
5.05 Х/Ф «ВСТРЕТИМСЯ У ФОНТАНА»
6.30, 7.30, 23.30 «ОДНА ЗА ВСЕХ» (16+)
7.00 «36,6» (16+)
8.00 «ПОЛЕЗНОЕ УТРО»
8.30 Х/Ф «ЖУРАВУШКА»
10.10 СЛАДКИЕ ИСТОРИИ
10.45 «ГЛАВНЫЕ ЛЮДИ»
11.15 ЗВЁЗДНЫЕ ИСТОРИИ
12.15 ИТАЛЬЯНСКИЕ УРОКИ
12.45 Х/Ф «ЖЕНСКИЕ ИСТОРИИ ВИКТОРИИ ТОКАРЕВОЙ. ПРОСТАЯ ИСТОРИЯ» (16+)
14.45 «МУЖСКАЯ РАБОТА»
15.15 Х/Ф «ПРИНЦЕССА ДЕ МОНПАСЬЕ» (16+)
18.00 «ПОКОЛЕНИЕ-RU»
18.30 ГОРОДСКАЯ ДУМА
18.45 ЖКХ ДЛЯ ЧЕЛОВЕКА
19.00 «ВКУС ЖИЗНИ» (16+)
19.30 Т/С «ВЕЛИКОЛЕПНЫЙ ВЕК»
21.45 Т/С «ЗАГАДОЧНЫЕ УБИЙСТВА АГАТЫ КРИСТИ»
00.00 Х/Ф «Я ВАМ БОЛЬШЕ НЕ ВЕРЮ»
01.50 Х/Ф «ГОЛОС СЕРДЦА»
04.30 ЗВЕЗДНАЯ ЖИЗНЬ
05.30 КРАСОТА ТРЕБУЕТ
★ ЗВЕЗДА
6.00 Х/Ф «СЛЕПОЙ МУЗЫКАНТ»
7.35 Х/Ф «ПАССАЖИР С «ЭКВАТОРА»
9.00 МУЛЬТФИЛЬМ
9.45 Д/С «СДЕЛАНО В СССР»
10.00 СЛУЖУ РОССИИ (16+)
11.15 ТРОПОЙ ДРАКОНА (16+)
11.40 Х/Ф «ОТПУСК ЗА СВОЙ СЧЕТ»
13.00 НОВОСТИ
13.15 Х/Ф «ОТПУСК ЗА СВОЙ СЧЕТ»
14.35 Х/Ф «ЛЕКАРСТВО ПРОТИВ СТРАХА»
17.00 Д/С «НЕИЗВЕСТНАЯ ВОЙНА» (16+)
18.00 НОВОСТИ
18.15 Х/Ф «ЧИСТОЕ НЕБО»
20.15 Т/С «ТЕРМИНАЛ» (16+)
23.55 Х/Ф «БАЛЛАДА О ДОБЛЕСТНОМ РЫЦАРЕ АЙВЕНГО»
01.40 Х/Ф «У МАТРОСОВ НЕТ ВОПРОСОВ!»
03.20 Х/Ф «МОЯ АНФИСА»
◎ ОТВ
6.20 «DE FACTO»
6.25 ПАТРУЛЬНЫЙ УЧАСТОК
7.00 РЕБЯТАМ О ЗВЕРЯТАХ
7.30, 11.05 МУЛЬТФИЛЬМЫ
8.30 Х/Ф «НА КОЛЕСАХ» (16+)
10.35 РЕБЯТАМ О ЗВЕРЯТАХ
12.05 «ПАПА ПОПАЛ» (16+)
13.10 «РЕЦЕПТ» (16+)
13.40 Т/С «АНАТОМИЯ СТРАСТИ» (16+)
15.25 «УРАЛЬСКАЯ ИГРА» (16+)
16.00 ХОККЕЙ. «АВАНГАРД» - «АВТОМОБИЛИСТ» (ЕКАТЕРИНБУРГ)
18.15 НАСЛЕДНИКИ УРАРТУ
18.30 «ГОРОД НА КАРТЕ»
18.45 «ГОРНЫЕ ВЕСТИ» (16+)
19.00 «ПАПА ПОПАЛ» (16+)
20.00 Х/Ф «КОРОЛЕВСТВО ПОЛНОЙ ЛУНЫ» (16+)
21.50 «СОБЫТИЯ. ПАРЛАМЕНТ» (16+)
22.00 «СОБЫТИЯ. ИТОГИ»
23.00 УРАЛ. ТРЕТИЙ ТАЙМ
23.30 ПАТРУЛЬНЫЙ УЧАСТОК
00.00 ЧЕТВЕРТАЯ ВЛАСТЬ
00.30 «АВИАРЕВЮ»
00.50 «СЕКРЕТЫ СТРОЙНОСТИ»
01.10 «СОБЫТИЯ. ИННОВАЦИИ»
01.30 Х/Ф «ВСЕ О МОЕЙ МАТЕРИ» (16+)
03.30 ПАРЛАМЕНТСКОЕ ВРЕМЯ
04.55 ДОКУМ. ФИЛЬМ
ТВ ●●●
ТВЗ
5.45 МУЛЬТФИЛЬМЫ
7.00 Х/Ф «ДВОЕ В НОВОМ ДОМЕ»
8.45 ЗВЕЗДЫ И МИСТИКА
9.30 Д/Ф «13 ЗНАКОВ ЗОДИАКА»
11.30 Х-ВЕРСИИ
12.30 Х/Ф «ВСЕГДА» (16+)
15.00 Х/Ф «ПУТЕШЕСТВИЕ ПРИЗРАКА» (16+)
16.45 Х/Ф «АСТРАЛ» (16+)
19.00 Х/Ф «ШЕСТОЕ ЧУВСТВО» (16+)
21.00 Х/Ф «1408» (16+)
23.00 Х/Ф «ВООБРАЖАРИУМ ДОКТОРА ПАРНАСА» (16+)
01.00 Х/Ф «ПАДШИЙ», 1-3 СЕРИИ
За информацию, предоставленную телеканалами, редакция ответственности не несет. В телепрограмме возможны изменения.
